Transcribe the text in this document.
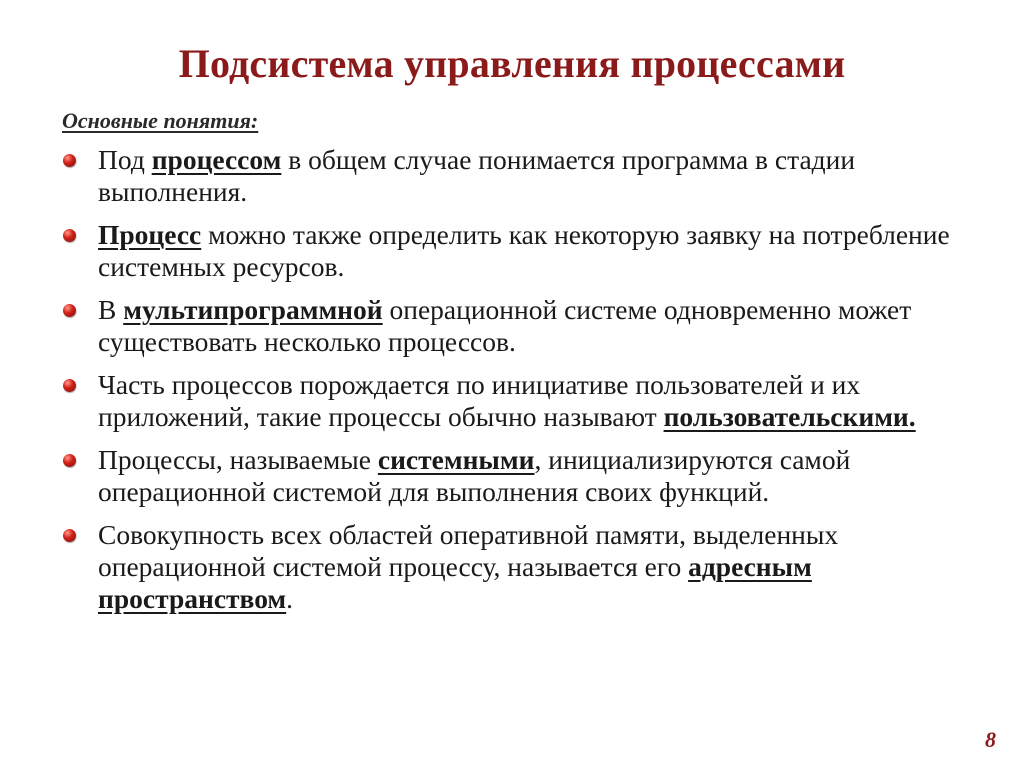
Подсистема управления процессами
Основные понятия:
Под процессом в общем случае понимается программа в стадии выполнения.
Процесс можно также определить как некоторую заявку на потребление системных ресурсов.
В мультипрограммной операционной системе одновременно может существовать несколько процессов.
Часть процессов порождается по инициативе пользователей и их приложений, такие процессы обычно называют пользовательскими.
Процессы, называемые системными, инициализируются самой операционной системой для выполнения своих функций.
Совокупность всех областей оперативной памяти, выделенных операционной системой процессу, называется его адресным пространством.
8
